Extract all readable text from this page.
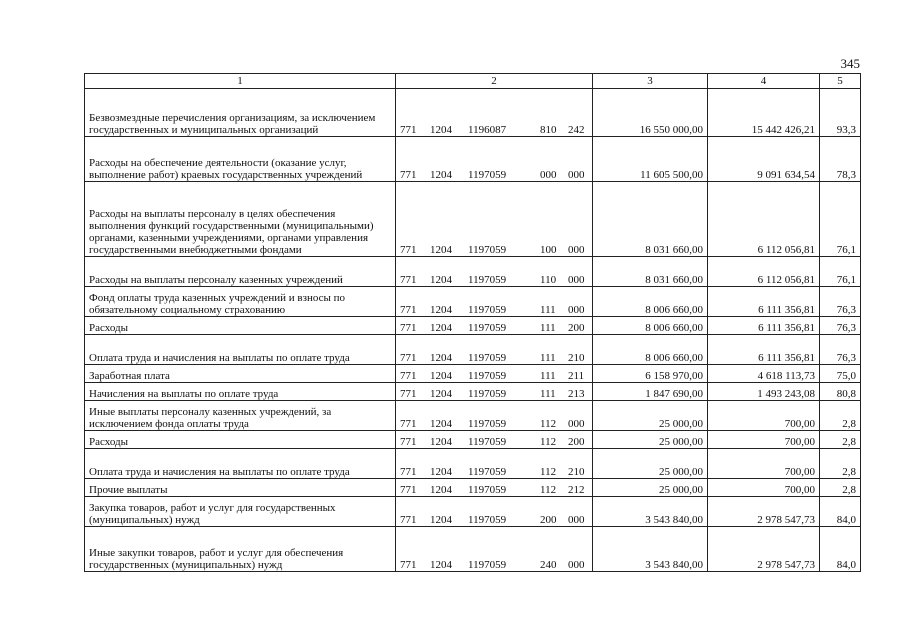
345
1	2	3	4	5
Безвозмездные перечисления организациям, за исключением государственных и муниципальных организаций	771 1204 1196087 810 242	16 550 000,00	15 442 426,21	93,3
Расходы на обеспечение деятельности (оказание услуг, выполнение работ) краевых государственных учреждений	771 1204 1197059 000 000	11 605 500,00	9 091 634,54	78,3
Расходы на выплаты персоналу в целях обеспечения выполнения функций государственными (муниципальными) органами, казенными учреждениями, органами управления государственными внебюджетными фондами	771 1204 1197059 100 000	8 031 660,00	6 112 056,81	76,1
Расходы на выплаты персоналу казенных учреждений	771 1204 1197059 110 000	8 031 660,00	6 112 056,81	76,1
Фонд оплаты труда казенных учреждений и взносы по обязательному социальному страхованию	771 1204 1197059 111 000	8 006 660,00	6 111 356,81	76,3
Расходы	771 1204 1197059 111 200	8 006 660,00	6 111 356,81	76,3
Оплата труда и начисления на выплаты по оплате труда	771 1204 1197059 111 210	8 006 660,00	6 111 356,81	76,3
Заработная плата	771 1204 1197059 111 211	6 158 970,00	4 618 113,73	75,0
Начисления на выплаты по оплате труда	771 1204 1197059 111 213	1 847 690,00	1 493 243,08	80,8
Иные выплаты персоналу казенных учреждений, за исключением фонда оплаты труда	771 1204 1197059 112 000	25 000,00	700,00	2,8
Расходы	771 1204 1197059 112 200	25 000,00	700,00	2,8
Оплата труда и начисления на выплаты по оплате труда	771 1204 1197059 112 210	25 000,00	700,00	2,8
Прочие выплаты	771 1204 1197059 112 212	25 000,00	700,00	2,8
Закупка товаров, работ и услуг для государственных (муниципальных) нужд	771 1204 1197059 200 000	3 543 840,00	2 978 547,73	84,0
Иные закупки товаров, работ и услуг для обеспечения государственных (муниципальных) нужд	771 1204 1197059 240 000	3 543 840,00	2 978 547,73	84,0
